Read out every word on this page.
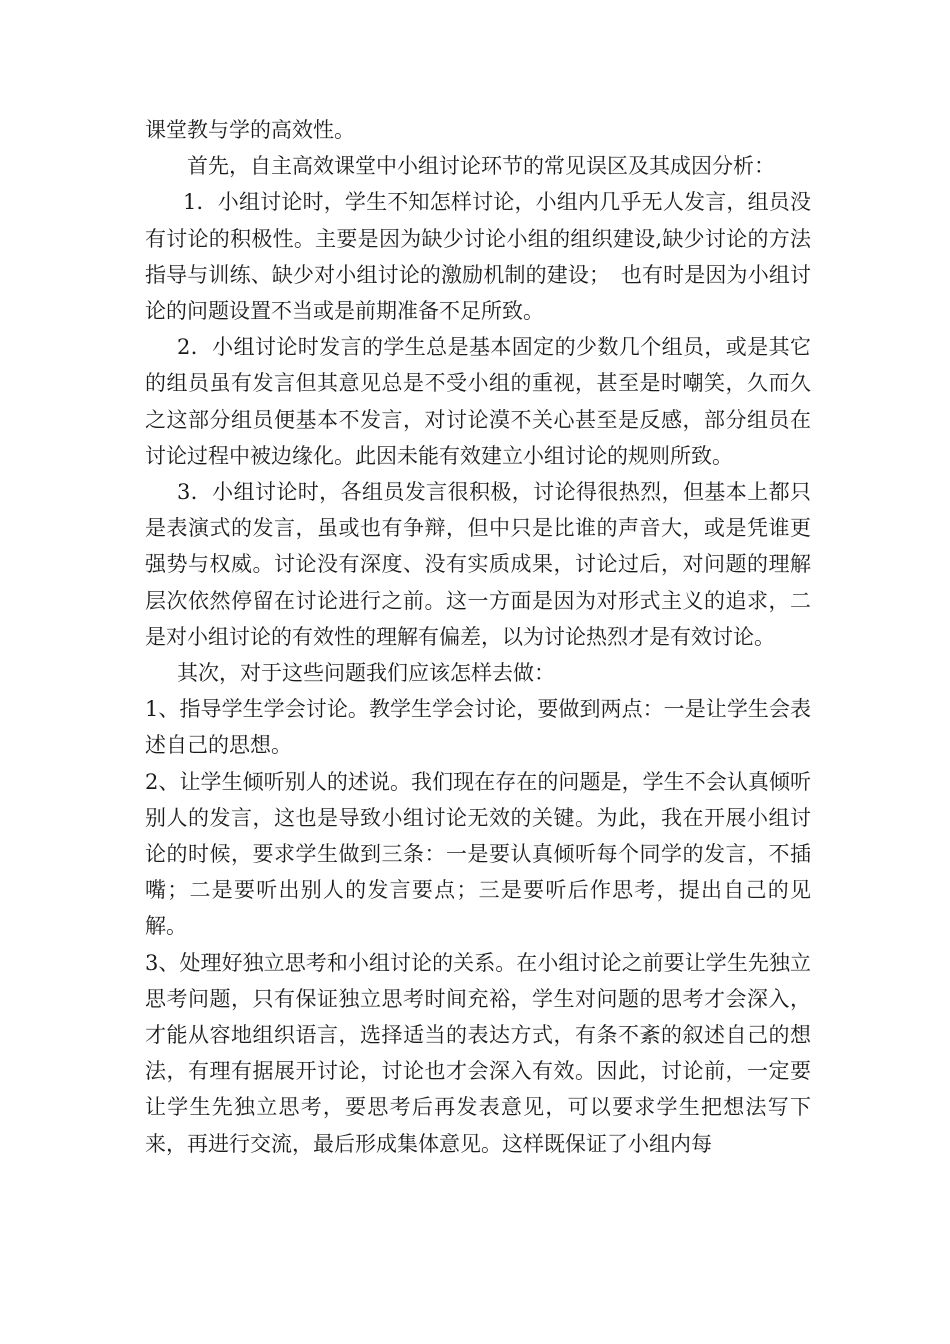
课堂教与学的高效性。

首先，自主高效课堂中小组讨论环节的常见误区及其成因分析：

1．小组讨论时，学生不知怎样讨论，小组内几乎无人发言，组员没有讨论的积极性。主要是因为缺少讨论小组的组织建设,缺少讨论的方法指导与训练、缺少对小组讨论的激励机制的建设；　也有时是因为小组讨论的问题设置不当或是前期准备不足所致。

2．小组讨论时发言的学生总是基本固定的少数几个组员，或是其它的组员虽有发言但其意见总是不受小组的重视，甚至是时嘲笑，久而久之这部分组员便基本不发言，对讨论漠不关心甚至是反感，部分组员在讨论过程中被边缘化。此因未能有效建立小组讨论的规则所致。

3．小组讨论时，各组员发言很积极，讨论得很热烈，但基本上都只是表演式的发言，虽或也有争辩，但中只是比谁的声音大，或是凭谁更强势与权威。讨论没有深度、没有实质成果，讨论过后，对问题的理解层次依然停留在讨论进行之前。这一方面是因为对形式主义的追求，二是对小组讨论的有效性的理解有偏差，以为讨论热烈才是有效讨论。

其次，对于这些问题我们应该怎样去做：

1、指导学生学会讨论。教学生学会讨论，要做到两点：一是让学生会表述自己的思想。

2、让学生倾听别人的述说。我们现在存在的问题是，学生不会认真倾听别人的发言，这也是导致小组讨论无效的关键。为此，我在开展小组讨论的时候，要求学生做到三条：一是要认真倾听每个同学的发言，不插嘴；二是要听出别人的发言要点；三是要听后作思考，提出自己的见解。

3、处理好独立思考和小组讨论的关系。在小组讨论之前要让学生先独立思考问题，只有保证独立思考时间充裕，学生对问题的思考才会深入，才能从容地组织语言，选择适当的表达方式，有条不紊的叙述自己的想法，有理有据展开讨论，讨论也才会深入有效。因此，讨论前，一定要让学生先独立思考，要思考后再发表意见，可以要求学生把想法写下来，再进行交流，最后形成集体意见。这样既保证了小组内每
